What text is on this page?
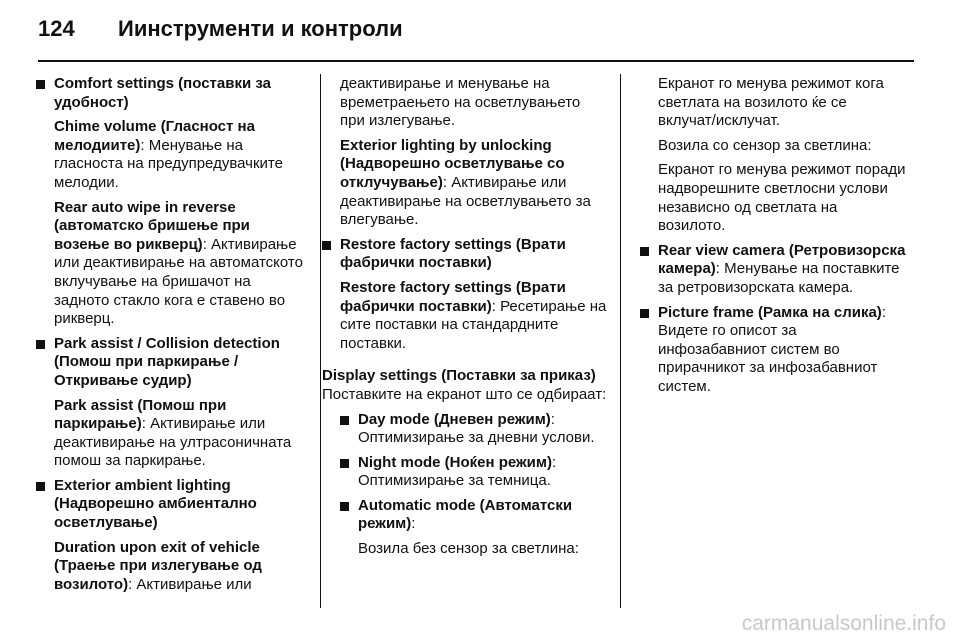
124 Иинструменти и контроли
Comfort settings (поставки за удобност)
Chime volume (Гласност на мелодиите): Менување на гласноста на предупредувачките мелодии.
Rear auto wipe in reverse (автоматско бришење при возење во рикверц): Активирање или деактивирање на автоматското вклучување на бришачот на задното стакло кога е ставено во рикверц.
Park assist / Collision detection (Помош при паркирање / Откривање судир)
Park assist (Помош при паркирање): Активирање или деактивирање на ултрасоничната помош за паркирање.
Exterior ambient lighting (Надворешно амбиентално осветлување)
Duration upon exit of vehicle (Траење при излегување од возилото): Активирање или
деактивирање и менување на времетраењето на осветлувањето при излегување.
Exterior lighting by unlocking (Надворешно осветлување со отклучување): Активирање или деактивирање на осветлувањето за влегување.
Restore factory settings (Врати фабрички поставки)
Restore factory settings (Врати фабрички поставки): Ресетирање на сите поставки на стандардните поставки.
Display settings (Поставки за приказ)
Поставките на екранот што се одбираат:
Day mode (Дневен режим): Оптимизирање за дневни услови.
Night mode (Ноќен режим): Оптимизирање за темница.
Automatic mode (Автоматски режим):
Возила без сензор за светлина:
Екранот го менува режимот кога светлата на возилото ќе се вклучат/исклучат.
Возила со сензор за светлина:
Екранот го менува режимот поради надворешните светлосни услови независно од светлата на возилото.
Rear view camera (Ретровизорска камера): Менување на поставките за ретровизорската камера.
Picture frame (Рамка на слика): Видете го описот за инфозабавниот систем во прирачникот за инфозабавниот систем.
carmanualsonline.info
